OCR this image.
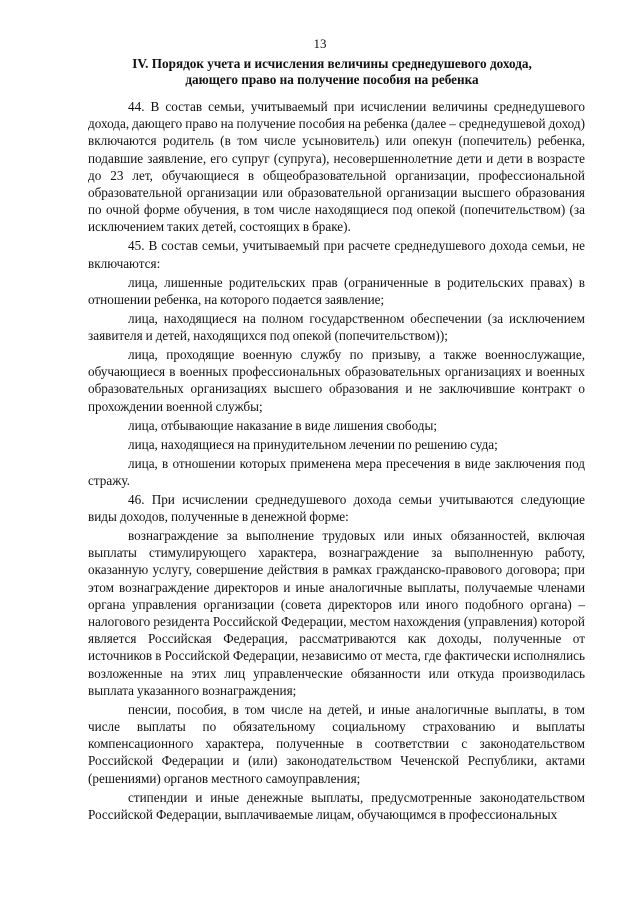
13
IV. Порядок учета и исчисления величины среднедушевого дохода,
дающего право на получение пособия на ребенка

44. В состав семьи, учитываемый при исчислении величины среднедушевого дохода, дающего право на получение пособия на ребенка (далее – среднедушевой доход) включаются родитель (в том числе усыновитель) или опекун (попечитель) ребенка, подавшие заявление, его супруг (супруга), несовершеннолетние дети и дети в возрасте до 23 лет, обучающиеся в общеобразовательной организации, профессиональной образовательной организации или образовательной организации высшего образования по очной форме обучения, в том числе находящиеся под опекой (попечительством) (за исключением таких детей, состоящих в браке).

45. В состав семьи, учитываемый при расчете среднедушевого дохода семьи, не включаются:

лица, лишенные родительских прав (ограниченные в родительских правах) в отношении ребенка, на которого подается заявление;

лица, находящиеся на полном государственном обеспечении (за исключением заявителя и детей, находящихся под опекой (попечительством));

лица, проходящие военную службу по призыву, а также военнослужащие, обучающиеся в военных профессиональных образовательных организациях и военных образовательных организациях высшего образования и не заключившие контракт о прохождении военной службы;

лица, отбывающие наказание в виде лишения свободы;

лица, находящиеся на принудительном лечении по решению суда;

лица, в отношении которых применена мера пресечения в виде заключения под стражу.

46. При исчислении среднедушевого дохода семьи учитываются следующие виды доходов, полученные в денежной форме:

вознаграждение за выполнение трудовых или иных обязанностей, включая выплаты стимулирующего характера, вознаграждение за выполненную работу, оказанную услугу, совершение действия в рамках гражданско-правового договора; при этом вознаграждение директоров и иные аналогичные выплаты, получаемые членами органа управления организации (совета директоров или иного подобного органа) – налогового резидента Российской Федерации, местом нахождения (управления) которой является Российская Федерация, рассматриваются как доходы, полученные от источников в Российской Федерации, независимо от места, где фактически исполнялись возложенные на этих лиц управленческие обязанности или откуда производилась выплата указанного вознаграждения;

пенсии, пособия, в том числе на детей, и иные аналогичные выплаты, в том числе выплаты по обязательному социальному страхованию и выплаты компенсационного характера, полученные в соответствии с законодательством Российской Федерации и (или) законодательством Чеченской Республики, актами (решениями) органов местного самоуправления;

стипендии и иные денежные выплаты, предусмотренные законодательством Российской Федерации, выплачиваемые лицам, обучающимся в профессиональных
